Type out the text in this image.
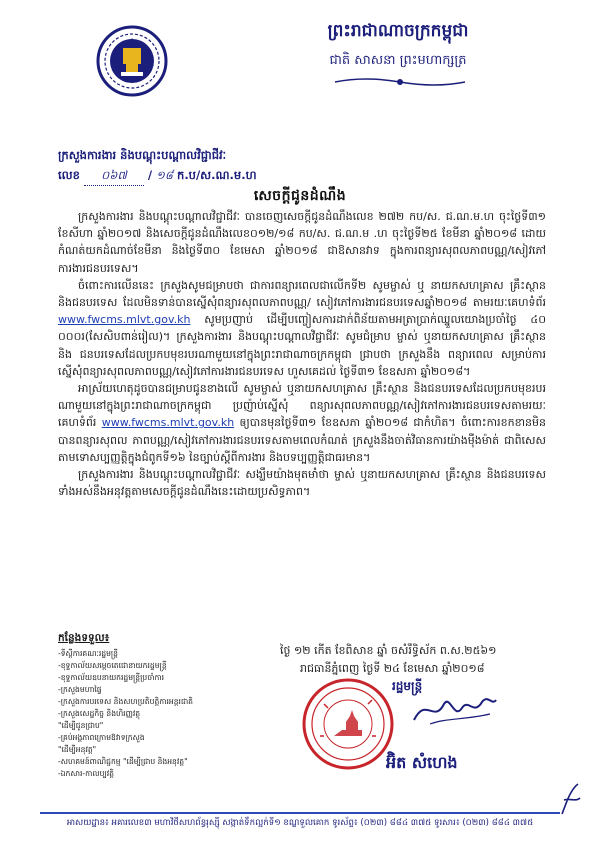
ព្រះរាជាណាចក្រកម្ពុជា
ជាតិ សាសនា ព្រះមហាក្សត្រ
ក្រសួងការងារ និងបណ្តុះបណ្តាលវិជ្ជាជីវៈ
លេខ ០៦៧ / ១៨ ក.ប/ស.ណ.ម.ហ
សេចក្តីជូនដំណឹង

ក្រសួងការងារ និងបណ្តុះបណ្តាលវិជ្ជាជីវៈ បានចេញសេចក្តីជូនដំណឹងលេខ ២៧២ កប/ស. ជ.ណ.ម.ហ ចុះថ្ងៃទី៣១ ខែសីហា ឆ្នាំ២០១៧ និងសេចក្តីជូនដំណឹងលេខ០១២/១៨ កប/ស. ជ.ណ.ម .ហ ចុះថ្ងៃទី២៥ ខែមីនា ឆ្នាំ២០១៨ ដោយកំណត់យកដំណាច់ខែមីនា និងថ្ងៃទី៣០ ខែមេសា ឆ្នាំ២០១៨ ជាឱសានវាទ ក្នុងការពន្យារសុពលភាពបណ្ណ/សៀវភៅការងារជនបរទេស។

ចំពោះការលើននេះ ក្រសួងសូមជម្រាបថា ជាការពន្យារពេលជាលើកទី២ សូមម្ចាស់ ឬ នាយកសហគ្រាស គ្រឹះស្ថាន និងជនបរទេស ដែលមិនទាន់បានស្នើសុំពន្យារសុពលភាពបណ្ណ/ សៀវភៅការងារជនបរទេសឆ្នាំ២០១៨ តាមរយៈគេហទំព័រ www.fwcms.mlvt.gov.kh សូមប្រញាប់ ដើម្បីបញ្ចៀសការដាក់ពិន័យតាមអត្រាប្រាក់ឈ្នួលយោងប្រចាំថ្ងៃ ៤០ ០០០រ(សែសិបពាន់រៀល)។ ក្រសួងការងារ និងបណ្តុះបណ្តាលវិជ្ជាជីវៈ សូមជំម្រាប ម្ចាស់ ឬនាយកសហគ្រាស គ្រឹះស្ថាន និង ជនបរទេសដែលប្រកបមុខរបរណាមួយនៅក្នុងព្រះរាជាណាចក្រកម្ពុជា ជ្រាបថា ក្រសួងនឹង ពន្យារពេល សម្រាប់ការស្នើសុំពន្យារសុពលភាពបណ្ណ/សៀវភៅការងារជនបរទេស ហួសគេដល់ ថ្ងៃទី៣១ ខែឧសភា ឆ្នាំ២០១៨។

អាស្រ័យហេតុដូចបានជម្រាបជូនខាងលើ សូមម្ចាស់ ឬនាយកសហគ្រាស គ្រឹះស្ថាន និងជនបរទេសដែលប្រកបមុខរបរណាមួយនៅក្នុងព្រះរាជាណាចក្រកម្ពុជា ប្រញ៉ាប់ស្នើសុំ ពន្យារសុពលភាពបណ្ណ/សៀវភៅការងារជនបរទេសតាមរយៈគេហទំព័រ www.fwcms.mlvt.gov.kh ឲ្យបានមុនថ្ងៃទី៣១ ខែឧសភា ឆ្នាំ២០១៨ ជាកំហិត។ ចំពោះការខកខានមិនបានពន្យារសុពល ភាពបណ្ណ/សៀវភៅការងារជនបរទេសតាមពេលកំណត់ ក្រសួងនឹងចាត់វិធានការយ៉ាងម៉ឺងម៉ាត់ ជាពិសេសតាមទោសប្បញ្ញត្តិក្នុងជំពូកទី១៦ នៃច្បាប់ស្តីពីការងារ និងបទប្បញ្ញត្តិជាធរមាន។

ក្រសួងការងារ និងបណ្តុះបណ្តាលវិជ្ជាជីវៈ សង្ឃឹមយ៉ាងមុតមាំថា ម្ចាស់ ឬនាយកសហគ្រាស គ្រឹះស្ថាន និងជនបរទេសទាំងអស់នឹងអនុវត្តតាមសេចក្តីជូនដំណឹងនេះដោយប្រសិទ្ធភាព។

កន្លែងទទួល៖
-ទីស្តីការគណៈរដ្ឋមន្ត្រី
-ខុទ្ទកាល័យសម្តេចតេជោនាយករដ្ឋមន្ត្រី
-ខុទ្ទកាល័យឧបនាយករដ្ឋមន្ត្រីប្រចាំការ
-ក្រសួងមហាផ្ទៃ
-ក្រសួងការបរទេស និងសហប្រតិបត្តិការអន្តរជាតិ
-ក្រសួងសេដ្ឋកិច្ច និងហិរញ្ញវត្ថុ
"ដើម្បីជូនជ្រាប"
-គ្រប់អង្គភាពក្រោមឱវាទក្រសួង
"ដើម្បីអនុវត្ត"
-សហគមន៍ពាណិជ្ជកម្ម "ដើម្បីជ្រាប និងអនុវត្ត"
-ឯកសារ-កាលប្បវត្តិ
ថ្ងៃ ១២ កើត ខែពិសាខ ឆ្នាំ ចសំរឹទ្ធិស័ក ព.ស.២៥៦១
រាជធានីភ្នំពេញ ថ្ងៃទី ២៤ ខែមេសា ឆ្នាំ២០១៨
រដ្ឋមន្ត្រី
អ៊ិត សំហេង
អាសយដ្ឋាន៖ អគារលេខ៣ មហាវិថីសហព័ន្ធរុស្ស៊ី សង្កាត់ទឹកល្អក់ទី១ ខណ្ឌទួលគោក ទូរស័ព្ទ៖ (០២៣) ៨៨៤ ៣៧៥ ទូរសារ៖ (០២៣) ៨៨៤ ៣៧៥
